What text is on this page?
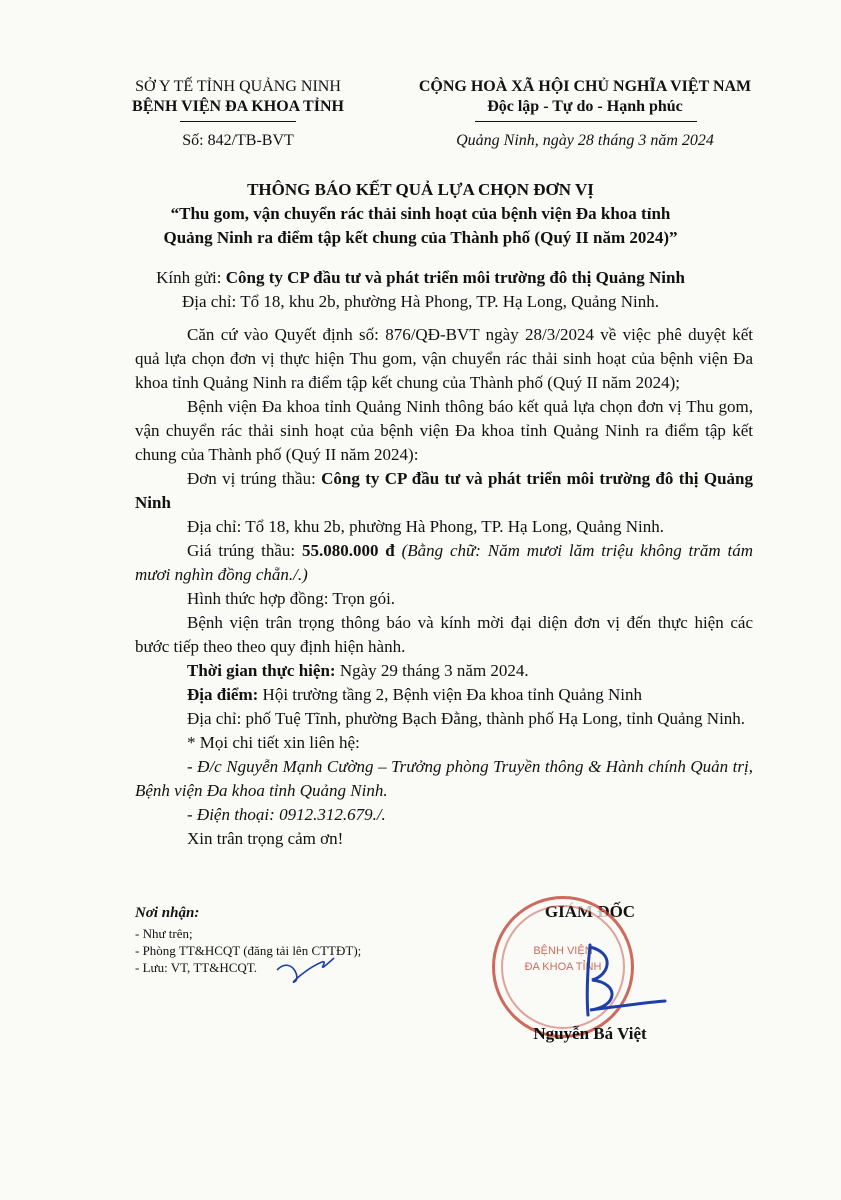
SỞ Y TẾ TỈNH QUẢNG NINH
BỆNH VIỆN ĐA KHOA TỈNH
Số: 842/TB-BVT
CỘNG HOÀ XÃ HỘI CHỦ NGHĨA VIỆT NAM
Độc lập - Tự do - Hạnh phúc
Quảng Ninh, ngày 28 tháng 3 năm 2024
THÔNG BÁO KẾT QUẢ LỰA CHỌN ĐƠN VỊ
“Thu gom, vận chuyển rác thải sinh hoạt của bệnh viện Đa khoa tỉnh
Quảng Ninh ra điểm tập kết chung của Thành phố (Quý II năm 2024)”
Kính gửi: Công ty CP đầu tư và phát triển môi trường đô thị Quảng Ninh
Địa chỉ: Tổ 18, khu 2b, phường Hà Phong, TP. Hạ Long, Quảng Ninh.

Căn cứ vào Quyết định số: 876/QĐ-BVT ngày 28/3/2024 về việc phê duyệt kết quả lựa chọn đơn vị thực hiện Thu gom, vận chuyển rác thải sinh hoạt của bệnh viện Đa khoa tỉnh Quảng Ninh ra điểm tập kết chung của Thành phố (Quý II năm 2024);

Bệnh viện Đa khoa tỉnh Quảng Ninh thông báo kết quả lựa chọn đơn vị Thu gom, vận chuyển rác thải sinh hoạt của bệnh viện Đa khoa tỉnh Quảng Ninh ra điểm tập kết chung của Thành phố (Quý II năm 2024):

Đơn vị trúng thầu: Công ty CP đầu tư và phát triển môi trường đô thị Quảng Ninh

Địa chỉ: Tổ 18, khu 2b, phường Hà Phong, TP. Hạ Long, Quảng Ninh.

Giá trúng thầu: 55.080.000 đ (Bằng chữ: Năm mươi lăm triệu không trăm tám mươi nghìn đồng chẵn./.)

Hình thức hợp đồng: Trọn gói.

Bệnh viện trân trọng thông báo và kính mời đại diện đơn vị đến thực hiện các bước tiếp theo theo quy định hiện hành.

Thời gian thực hiện: Ngày 29 tháng 3 năm 2024.

Địa điểm: Hội trường tầng 2, Bệnh viện Đa khoa tỉnh Quảng Ninh

Địa chỉ: phố Tuệ Tĩnh, phường Bạch Đằng, thành phố Hạ Long, tỉnh Quảng Ninh.

* Mọi chi tiết xin liên hệ:

- Đ/c Nguyễn Mạnh Cường – Trưởng phòng Truyền thông & Hành chính Quản trị, Bệnh viện Đa khoa tỉnh Quảng Ninh.

- Điện thoại: 0912.312.679./.

Xin trân trọng cảm ơn!

Nơi nhận:
- Như trên;
- Phòng TT&HCQT (đăng tải lên CTTĐT);
- Lưu: VT, TT&HCQT.
GIÁM ĐỐC
BỆNH VIỆN
ĐA KHOA TỈNH
Nguyễn Bá Việt
